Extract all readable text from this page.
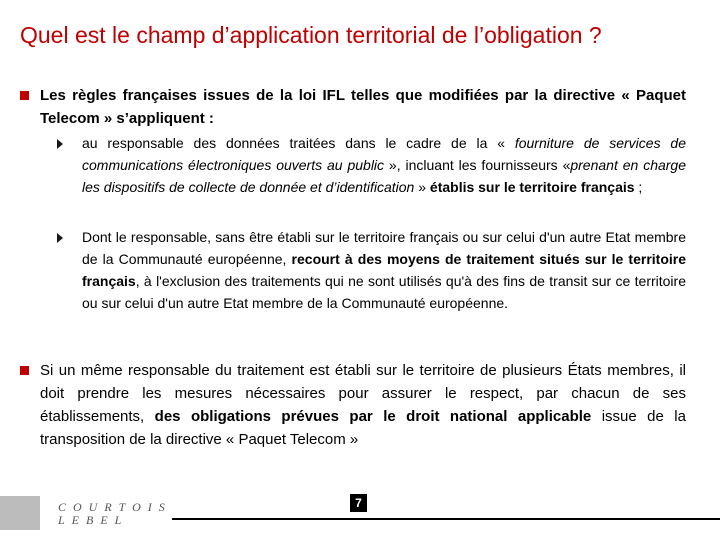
Quel est le champ d’application territorial de l’obligation ?
Les règles françaises issues de la loi IFL telles que modifiées par la directive « Paquet Telecom » s’appliquent :
au responsable des données traitées dans le cadre de la « fourniture de services de communications électroniques ouverts au public », incluant les fournisseurs «prenant en charge les dispositifs de collecte de donnée et d’identification » établis sur le territoire français ;
Dont le responsable, sans être établi sur le territoire français ou sur celui d'un autre Etat membre de la Communauté européenne, recourt à des moyens de traitement situés sur le territoire français, à l'exclusion des traitements qui ne sont utilisés qu'à des fins de transit sur ce territoire ou sur celui d'un autre Etat membre de la Communauté européenne.
Si un même responsable du traitement est établi sur le territoire de plusieurs États membres, il doit prendre les mesures nécessaires pour assurer le respect, par chacun de ses établissements, des obligations prévues par le droit national applicable issue de la transposition de la directive « Paquet Telecom »
COURTOIS
LEBEL
7
